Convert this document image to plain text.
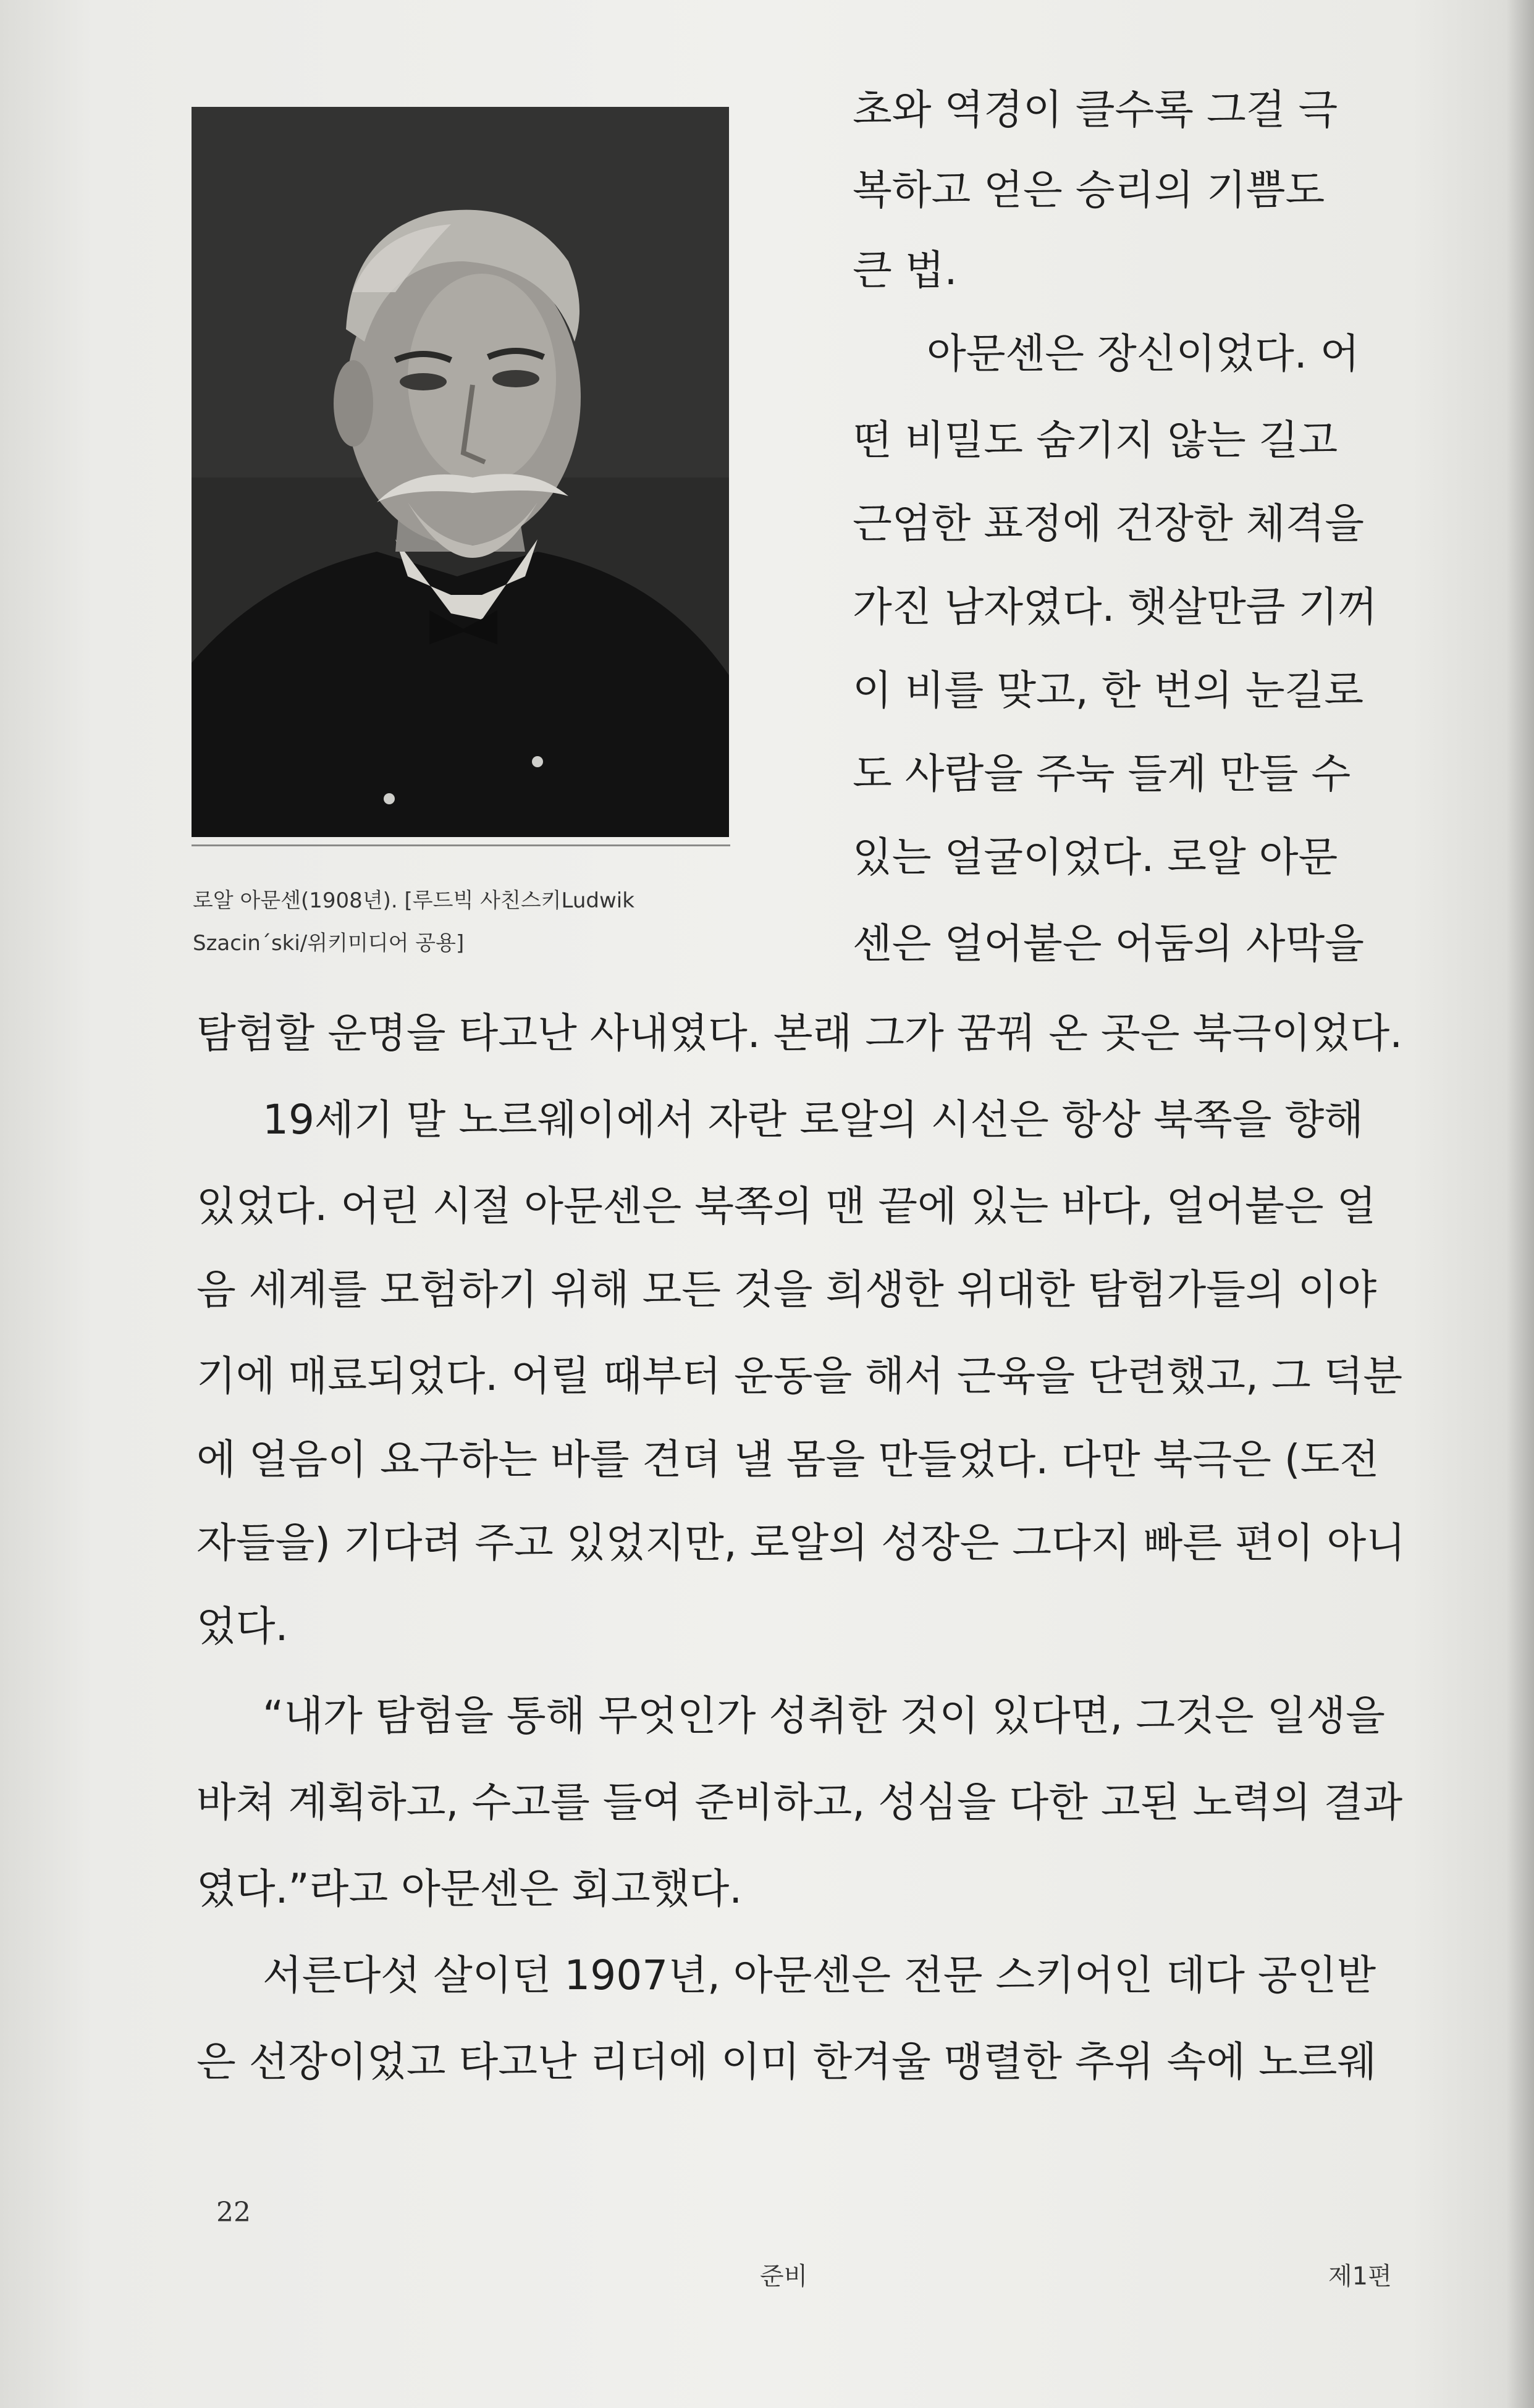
로알 아문센(1908년). [루드빅 사친스키Ludwik
Szacin´ski/위키미디어 공용]
초와 역경이 클수록 그걸 극
복하고 얻은 승리의 기쁨도
큰 법.
아문센은 장신이었다. 어
떤 비밀도 숨기지 않는 길고
근엄한 표정에 건장한 체격을
가진 남자였다. 햇살만큼 기꺼
이 비를 맞고, 한 번의 눈길로
도 사람을 주눅 들게 만들 수
있는 얼굴이었다. 로알 아문
센은 얼어붙은 어둠의 사막을
탐험할 운명을 타고난 사내였다. 본래 그가 꿈꿔 온 곳은 북극이었다.
19세기 말 노르웨이에서 자란 로알의 시선은 항상 북쪽을 향해
있었다. 어린 시절 아문센은 북쪽의 맨 끝에 있는 바다, 얼어붙은 얼
음 세계를 모험하기 위해 모든 것을 희생한 위대한 탐험가들의 이야
기에 매료되었다. 어릴 때부터 운동을 해서 근육을 단련했고, 그 덕분
에 얼음이 요구하는 바를 견뎌 낼 몸을 만들었다. 다만 북극은 (도전
자들을) 기다려 주고 있었지만, 로알의 성장은 그다지 빠른 편이 아니
었다.
“내가 탐험을 통해 무엇인가 성취한 것이 있다면, 그것은 일생을
바쳐 계획하고, 수고를 들여 준비하고, 성심을 다한 고된 노력의 결과
였다.”라고 아문센은 회고했다.
서른다섯 살이던 1907년, 아문센은 전문 스키어인 데다 공인받
은 선장이었고 타고난 리더에 이미 한겨울 맹렬한 추위 속에 노르웨
22
준비	제1편
